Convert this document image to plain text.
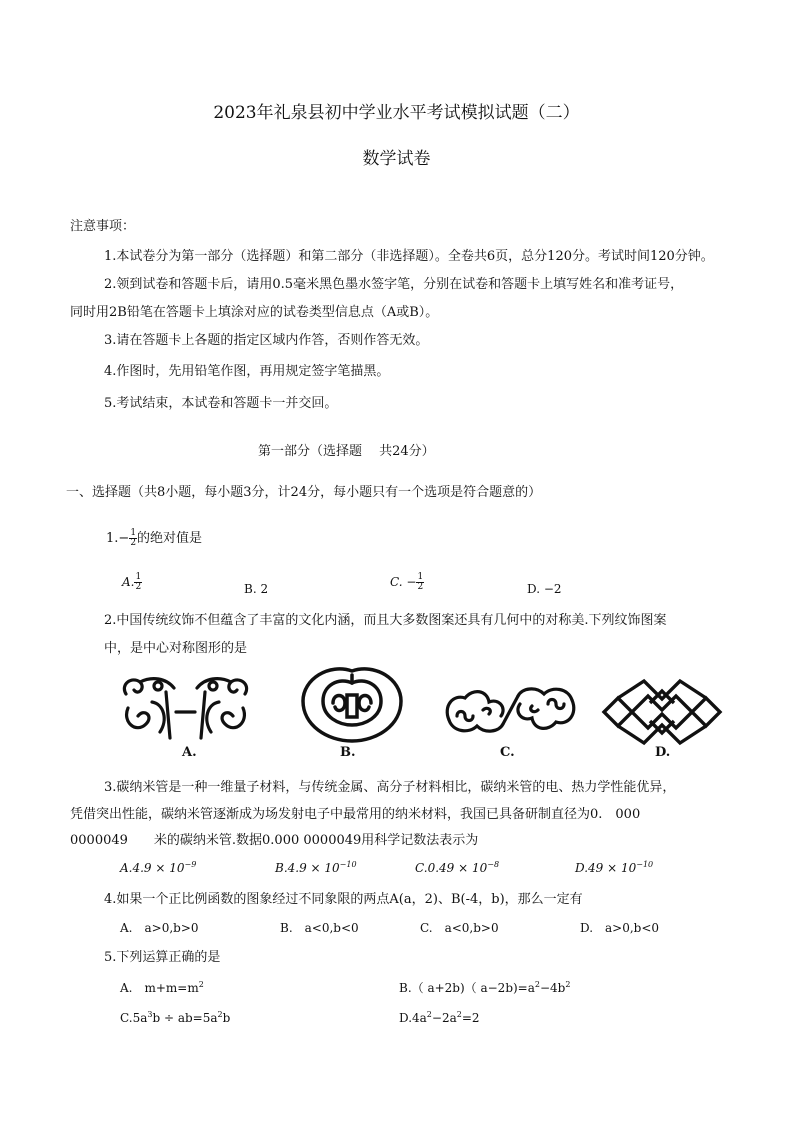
2023年礼泉县初中学业水平考试模拟试题（二）
数学试卷
注意事项：
1.本试卷分为第一部分（选择题）和第二部分（非选择题）。全卷共6页，总分120分。考试时间120分钟。
2.领到试卷和答题卡后，请用0.5毫米黑色墨水签字笔，分别在试卷和答题卡上填写姓名和准考证号，
同时用2B铅笔在答题卡上填涂对应的试卷类型信息点（A或B）。
3.请在答题卡上各题的指定区域内作答，否则作答无效。
4.作图时，先用铅笔作图，再用规定签字笔描黑。
5.考试结束，本试卷和答题卡一并交回。
第一部分（选择题　 共24分）
一、选择题（共8小题，每小题3分，计24分，每小题只有一个选项是符合题意的）
$1.- \frac{1}{2}$ 的绝对值是
A. $\frac{1}{2}$	B. 2	C. − $\frac{1}{2}$	D. −2
2.中国传统纹饰不但蕴含了丰富的文化内涵，而且大多数图案还具有几何中的对称美.下列纹饰图案
中，是中心对称图形的是
A.	B.	C.	D.
3.碳纳米管是一种一维量子材料，与传统金属、高分子材料相比，碳纳米管的电、热力学性能优异，
凭借突出性能，碳纳米管逐渐成为场发射电子中最常用的纳米材料，我国已具备研制直径为0.　000
0000049　　米的碳纳米管.数据0.000 0000049用科学记数法表示为
$A.4.9 \times 10^{-9}$	$B.4.9 \times 10^{-10}$	$C.0.49 \times 10^{-8}$	$D.49 \times 10^{-10}$
4.如果一个正比例函数的图象经过不同象限的两点A(a，2)、B(-4，b)，那么一定有
A.　a>0,b>0	B.　a<0,b<0	C.　a<0,b>0	D.　a>0,b<0
5.下列运算正确的是
A.　$m+m=m^2$	B.（ a+2b)（ $a-2b)=a^2-4b^2$
$C.5a^3b \div ab=5a^2b$	$D.4a^2-2a^2=2$
